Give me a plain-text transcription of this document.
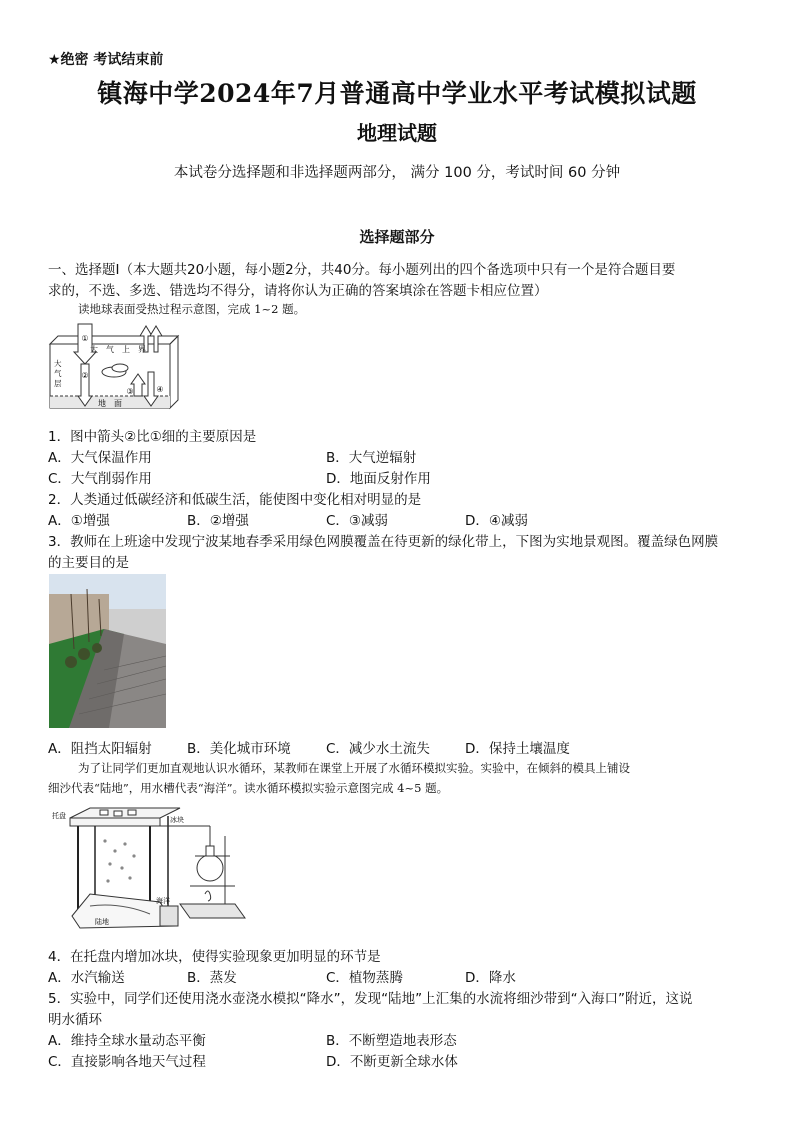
★绝密 考试结束前
镇海中学2024年7月普通高中学业水平考试模拟试题
地理试题
本试卷分选择题和非选择题两部分， 满分 100 分，考试时间 60 分钟
选择题部分
一、选择题Ⅰ（本大题共20小题，每小题2分，共40分。每小题列出的四个备选项中只有一个是符合题目要
求的，不选、多选、错选均不得分，请将你认为正确的答案填涂在答题卡相应位置）
读地球表面受热过程示意图，完成 1~2 题。
①
②
③	④
大　气　上　界
大
气
层
地　面
1．图中箭头②比①细的主要原因是
A．大气保温作用	B．大气逆辐射
C．大气削弱作用	D．地面反射作用
2．人类通过低碳经济和低碳生活，能使图中变化相对明显的是
A．①增强	B．②增强	C．③减弱	D．④减弱
3．教师在上班途中发现宁波某地春季采用绿色网膜覆盖在待更新的绿化带上，下图为实地景观图。覆盖绿色网膜
的主要目的是
A．阻挡太阳辐射	B．美化城市环境	C．减少水土流失	D．保持土壤温度
为了让同学们更加直观地认识水循环，某教师在课堂上开展了水循环模拟实验。实验中，在倾斜的模具上铺设
细沙代表“陆地”，用水槽代表“海洋”。读水循环模拟实验示意图完成 4~5 题。
托盘	冰块
陆地
海洋
4．在托盘内增加冰块，使得实验现象更加明显的环节是
A．水汽输送	B．蒸发	C．植物蒸腾	D．降水
5．实验中，同学们还使用浇水壶浇水模拟“降水”，发现“陆地”上汇集的水流将细沙带到“入海口”附近，这说
明水循环
A．维持全球水量动态平衡	B．不断塑造地表形态
C．直接影响各地天气过程	D．不断更新全球水体
